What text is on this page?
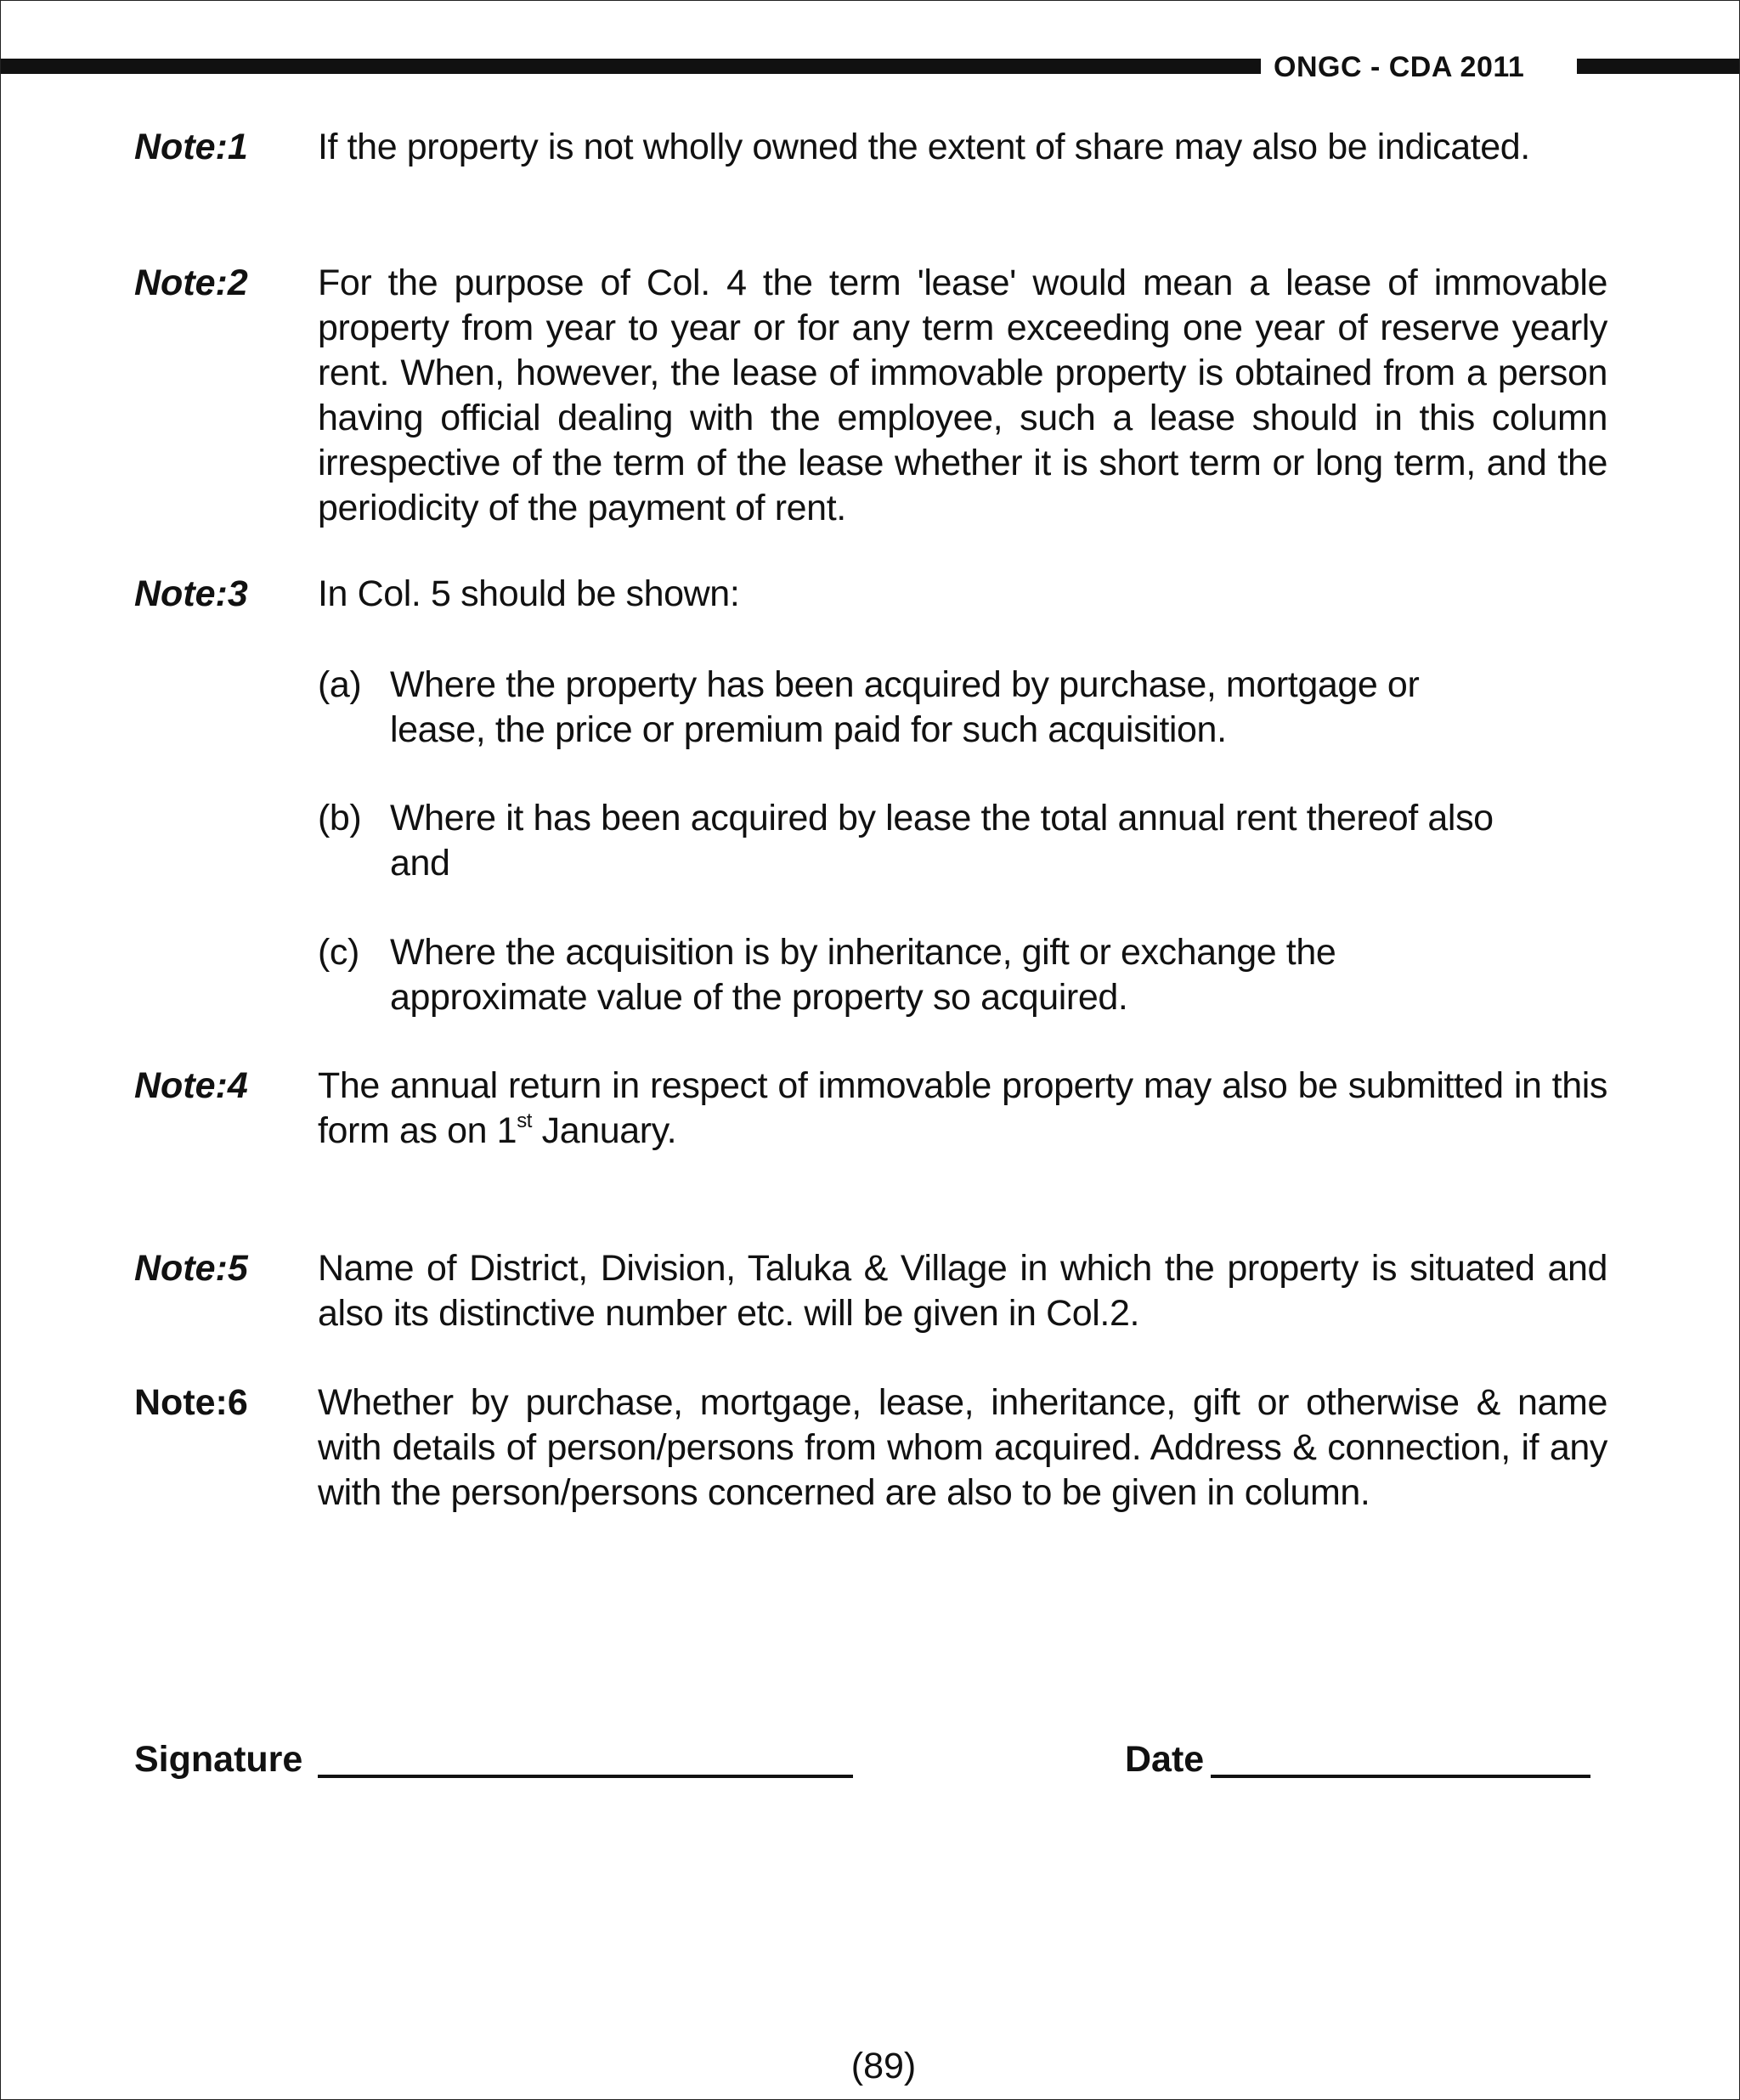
ONGC - CDA 2011
Note:1	If the property is not wholly owned the extent of share may also be indicated.
Note:2	For the purpose of Col. 4 the term 'lease' would mean a lease of immovable property from year to year or for any term exceeding one year of reserve yearly rent. When, however, the lease of immovable property is obtained from a person having official dealing with the employee, such a lease should in this column irrespective of the term of the lease whether it is short term or long term, and the periodicity of the payment of rent.
Note:3	In Col. 5 should be shown:
(a) Where the property has been acquired by purchase, mortgage or
lease, the price or premium paid for such acquisition.
(b) Where it has been acquired by lease the total annual rent thereof also
and
(c) Where the acquisition is by inheritance, gift or exchange the
approximate value of the property so acquired.
Note:4	The annual return in respect of immovable property may also be submitted in this form as on 1st January.
Note:5	Name of District, Division, Taluka & Village in which the property is situated and also its distinctive number etc. will be given in Col.2.
Note:6	Whether by purchase, mortgage, lease, inheritance, gift or otherwise & name with details of person/persons from whom acquired. Address & connection, if any with the person/persons concerned are also to be given in column.
Signature	Date
(89)
